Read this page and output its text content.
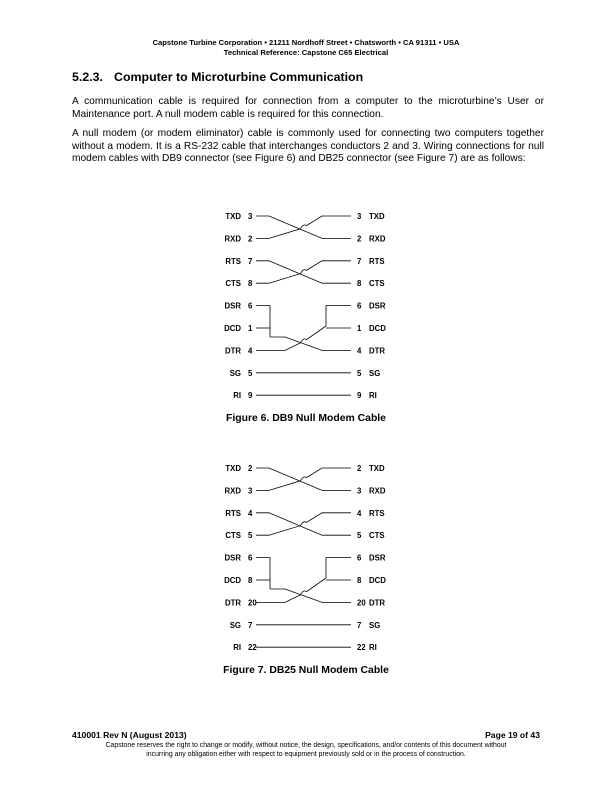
Capstone Turbine Corporation • 21211 Nordhoff Street • Chatsworth • CA 91311 • USA
Technical Reference: Capstone C65 Electrical
5.2.3. Computer to Microturbine Communication

A communication cable is required for connection from a computer to the microturbine’s User or Maintenance port. A null modem cable is required for this connection.

A null modem (or modem eliminator) cable is commonly used for connecting two computers together without a modem. It is a RS-232 cable that interchanges conductors 2 and 3. Wiring connections for null modem cables with DB9 connector (see Figure 6) and DB25 connector (see Figure 7) are as follows:

TXD 3
RXD 2
RTS 7
CTS 8
DSR 6
DCD 1
DTR 4
SG 5
RI 9
3 TXD
2 RXD
7 RTS
8 CTS
6 DSR
1 DCD
4 DTR
5 SG
9 RI
Figure 6. DB9 Null Modem Cable
TXD 2
RXD 3
RTS 4
CTS 5
DSR 6
DCD 8
DTR 20
SG 7
RI 22
2 TXD
3 RXD
4 RTS
5 CTS
6 DSR
8 DCD
20 DTR
7 SG
22 RI
Figure 7. DB25 Null Modem Cable
410001 Rev N (August 2013)	Page 19 of 43
Capstone reserves the right to change or modify, without notice, the design, specifications, and/or contents of this document without
incurring any obligation either with respect to equipment previously sold or in the process of construction.
